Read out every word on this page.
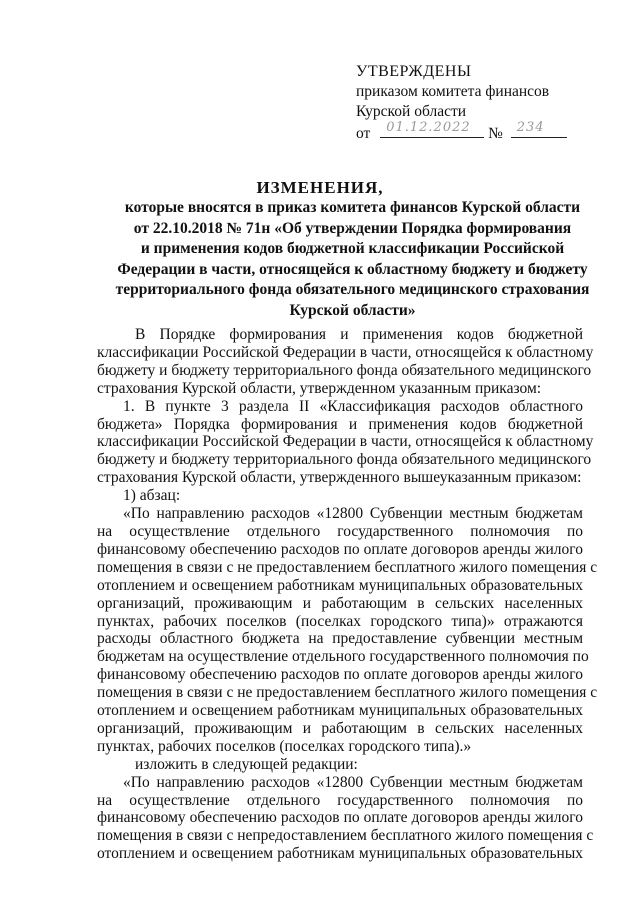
УТВЕРЖДЕНЫ
приказом комитета финансов
Курской области
от 01.12.2022 № 234
ИЗМЕНЕНИЯ,
которые вносятся в приказ комитета финансов Курской области
от 22.10.2018 № 71н «Об утверждении Порядка формирования
и применения кодов бюджетной классификации Российской
Федерации в части, относящейся к областному бюджету и бюджету
территориального фонда обязательного медицинского страхования
Курской области»
В Порядке формирования и применения кодов бюджетной
классификации Российской Федерации в части, относящейся к областному
бюджету и бюджету территориального фонда обязательного медицинского
страхования Курской области, утвержденном указанным приказом:
1. В пункте 3 раздела II «Классификация расходов областного
бюджета» Порядка формирования и применения кодов бюджетной
классификации Российской Федерации в части, относящейся к областному
бюджету и бюджету территориального фонда обязательного медицинского
страхования Курской области, утвержденного вышеуказанным приказом:
1) абзац:
«По направлению расходов «12800 Субвенции местным бюджетам
на осуществление отдельного государственного полномочия по
финансовому обеспечению расходов по оплате договоров аренды жилого
помещения в связи с не предоставлением бесплатного жилого помещения с
отоплением и освещением работникам муниципальных образовательных
организаций, проживающим и работающим в сельских населенных
пунктах, рабочих поселков (поселках городского типа)» отражаются
расходы областного бюджета на предоставление субвенции местным
бюджетам на осуществление отдельного государственного полномочия по
финансовому обеспечению расходов по оплате договоров аренды жилого
помещения в связи с не предоставлением бесплатного жилого помещения с
отоплением и освещением работникам муниципальных образовательных
организаций, проживающим и работающим в сельских населенных
пунктах, рабочих поселков (поселках городского типа).»
изложить в следующей редакции:
«По направлению расходов «12800 Субвенции местным бюджетам
на осуществление отдельного государственного полномочия по
финансовому обеспечению расходов по оплате договоров аренды жилого
помещения в связи с непредоставлением бесплатного жилого помещения с
отоплением и освещением работникам муниципальных образовательных
